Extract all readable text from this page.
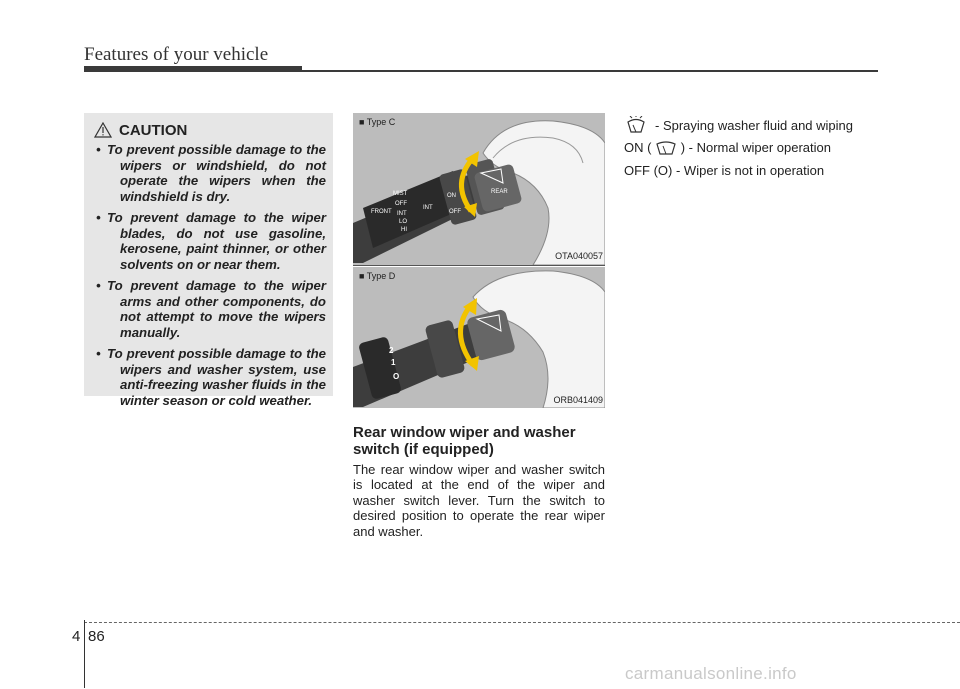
Features of your vehicle
CAUTION
• To prevent possible damage to the wipers or windshield, do not operate the wipers when the windshield is dry.
• To prevent damage to the wiper blades, do not use gasoline, kerosene, paint thinner, or other solvents on or near them.
• To prevent damage to the wiper arms and other components, do not attempt to move the wipers manually.
• To prevent possible damage to the wipers and washer system, use anti-freezing washer fluids in the winter season or cold weather.
■ Type C
OTA040057
MIST
OFF
INT
LO
HI
FRONT
INT
ON
OFF
REAR
■ Type D
ORB041409
2
1
O
Rear window wiper and washer switch (if equipped)
The rear window wiper and washer switch is located at the end of the wiper and washer switch lever. Turn the switch to desired position to operate the rear wiper and washer.
- Spraying washer fluid and wiping
ON ( ) - Normal wiper operation
OFF (O) - Wiper is not in operation
4 86
carmanualsonline.info
